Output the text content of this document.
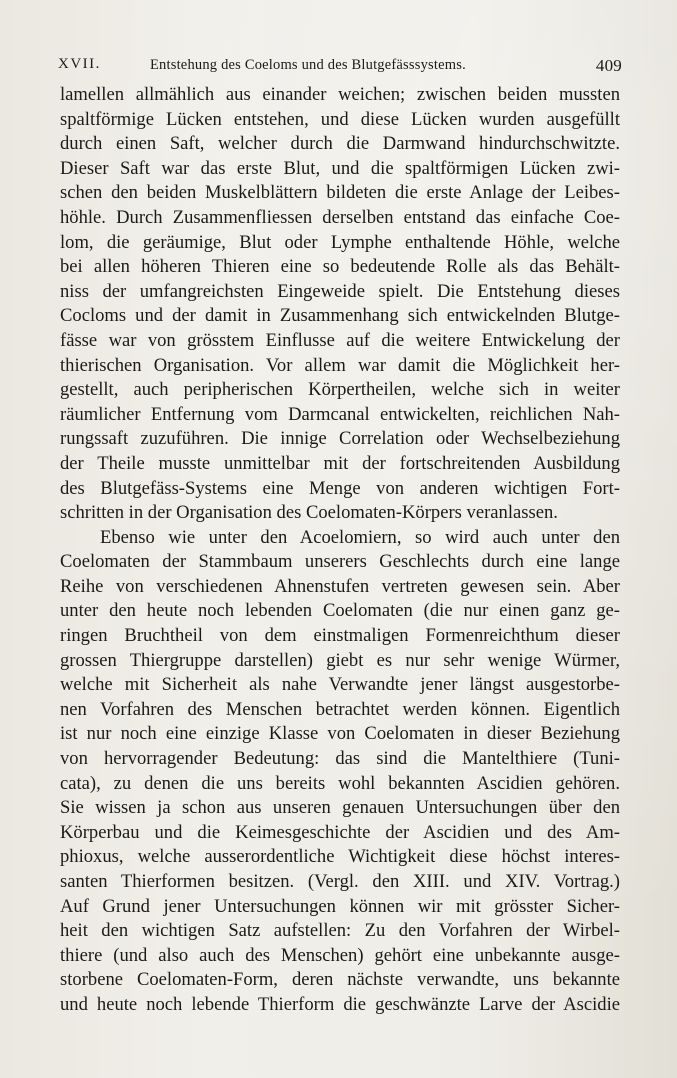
XVII.	Entstehung des Coeloms und des Blutgefässsystems.	409
lamellen allmählich aus einander weichen; zwischen beiden mussten
spaltförmige Lücken entstehen, und diese Lücken wurden ausgefüllt
durch einen Saft, welcher durch die Darmwand hindurchschwitzte.
Dieser Saft war das erste Blut, und die spaltförmigen Lücken zwi-
schen den beiden Muskelblättern bildeten die erste Anlage der Leibes-
höhle. Durch Zusammenfliessen derselben entstand das einfache Coe-
lom, die geräumige, Blut oder Lymphe enthaltende Höhle, welche
bei allen höheren Thieren eine so bedeutende Rolle als das Behält-
niss der umfangreichsten Eingeweide spielt. Die Entstehung dieses
Cocloms und der damit in Zusammenhang sich entwickelnden Blutge-
fässe war von grösstem Einflusse auf die weitere Entwickelung der
thierischen Organisation. Vor allem war damit die Möglichkeit her-
gestellt, auch peripherischen Körpertheilen, welche sich in weiter
räumlicher Entfernung vom Darmcanal entwickelten, reichlichen Nah-
rungssaft zuzuführen. Die innige Correlation oder Wechselbeziehung
der Theile musste unmittelbar mit der fortschreitenden Ausbildung
des Blutgefäss-Systems eine Menge von anderen wichtigen Fort-
schritten in der Organisation des Coelomaten-Körpers veranlassen.
Ebenso wie unter den Acoelomiern, so wird auch unter den
Coelomaten der Stammbaum unserers Geschlechts durch eine lange
Reihe von verschiedenen Ahnenstufen vertreten gewesen sein. Aber
unter den heute noch lebenden Coelomaten (die nur einen ganz ge-
ringen Bruchtheil von dem einstmaligen Formenreichthum dieser
grossen Thiergruppe darstellen) giebt es nur sehr wenige Würmer,
welche mit Sicherheit als nahe Verwandte jener längst ausgestorbe-
nen Vorfahren des Menschen betrachtet werden können. Eigentlich
ist nur noch eine einzige Klasse von Coelomaten in dieser Beziehung
von hervorragender Bedeutung: das sind die Mantelthiere (Tuni-
cata), zu denen die uns bereits wohl bekannten Ascidien gehören.
Sie wissen ja schon aus unseren genauen Untersuchungen über den
Körperbau und die Keimesgeschichte der Ascidien und des Am-
phioxus, welche ausserordentliche Wichtigkeit diese höchst interes-
santen Thierformen besitzen. (Vergl. den XIII. und XIV. Vortrag.)
Auf Grund jener Untersuchungen können wir mit grösster Sicher-
heit den wichtigen Satz aufstellen: Zu den Vorfahren der Wirbel-
thiere (und also auch des Menschen) gehört eine unbekannte ausge-
storbene Coelomaten-Form, deren nächste verwandte, uns bekannte
und heute noch lebende Thierform die geschwänzte Larve der Ascidie
